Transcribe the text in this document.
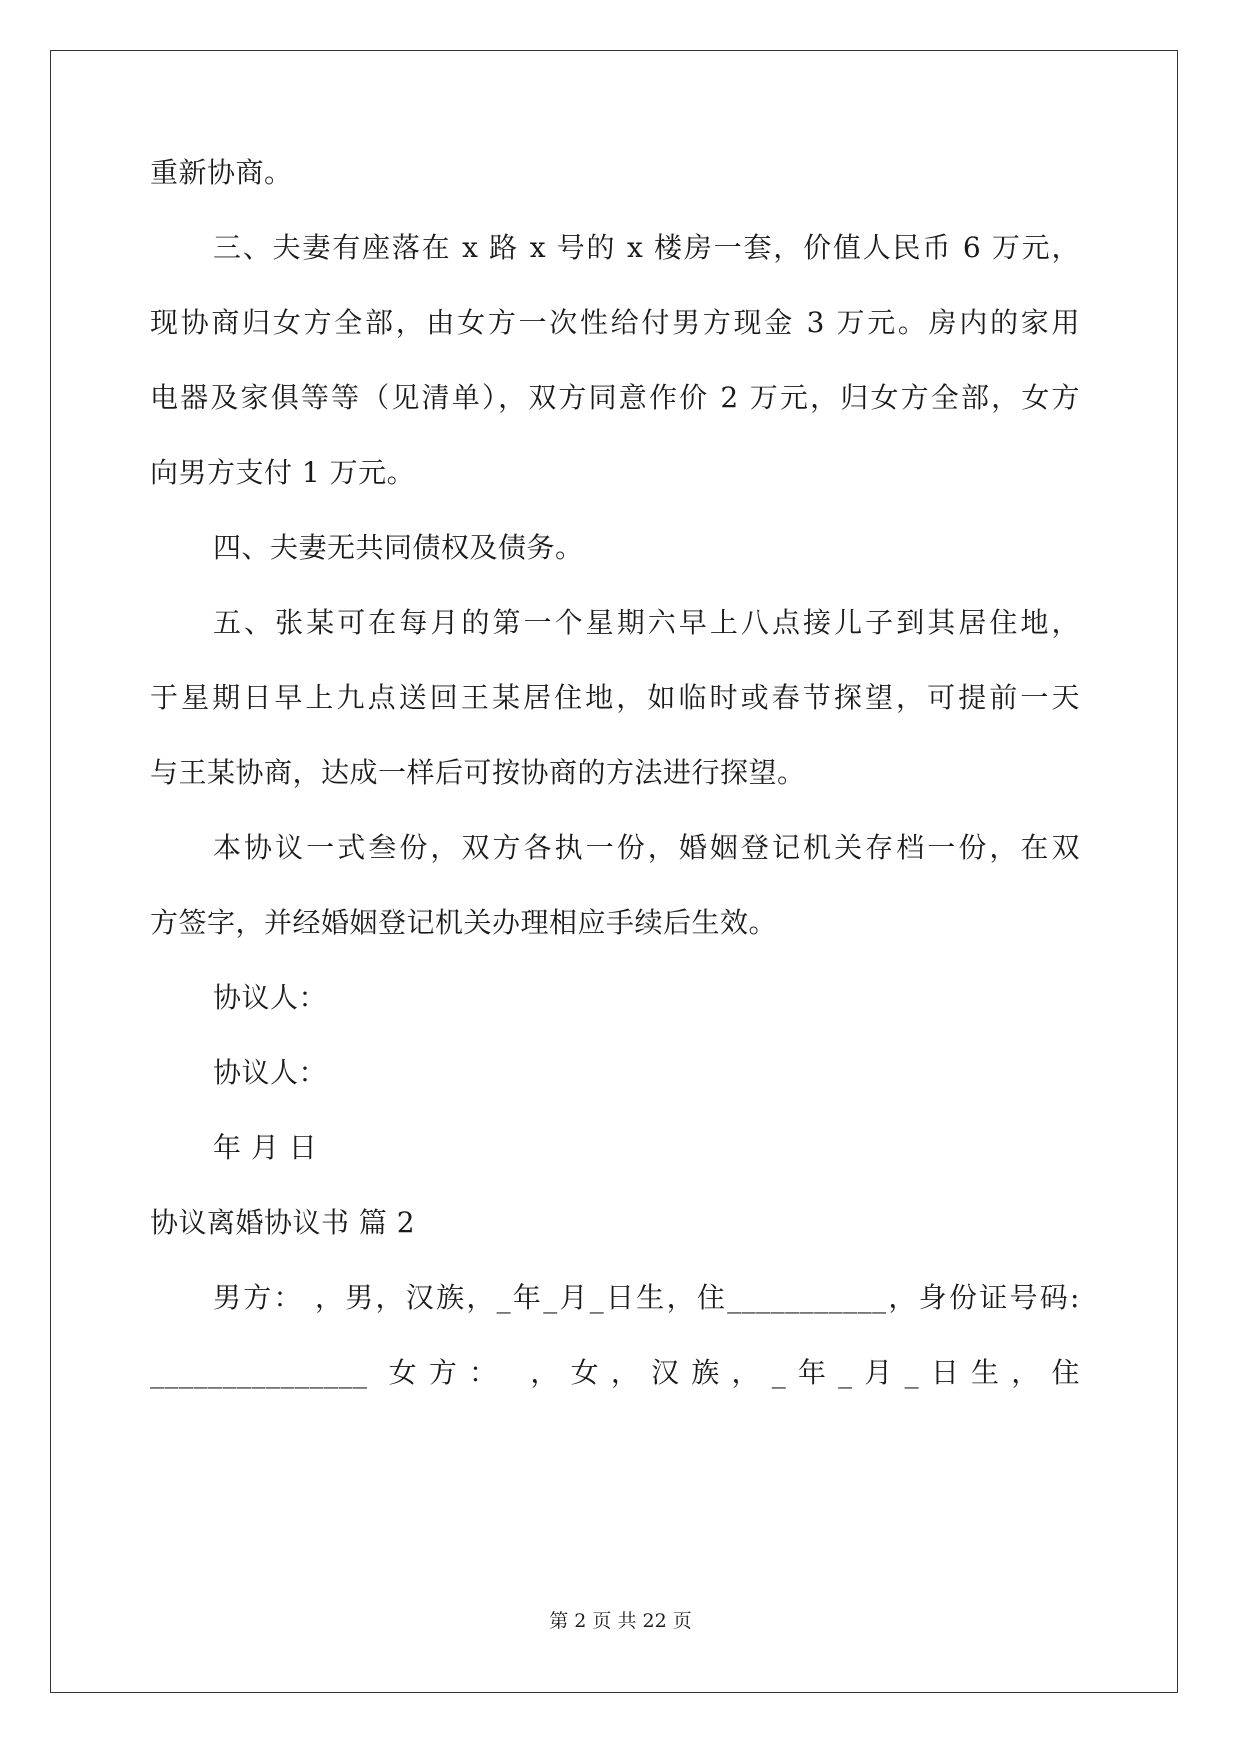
重新协商。
三、夫妻有座落在 x 路 x 号的 x 楼房一套，价值人民币 6 万元，
现协商归女方全部，由女方一次性给付男方现金 3 万元。房内的家用
电器及家俱等等（见清单），双方同意作价 2 万元，归女方全部，女方
向男方支付 1 万元。
四、夫妻无共同债权及债务。
五、张某可在每月的第一个星期六早上八点接儿子到其居住地，
于星期日早上九点送回王某居住地，如临时或春节探望，可提前一天
与王某协商，达成一样后可按协商的方法进行探望。
本协议一式叁份，双方各执一份，婚姻登记机关存档一份，在双
方签字，并经婚姻登记机关办理相应手续后生效。
协议人：
协议人：
年 月 日
协议离婚协议书 篇 2
男方： ，男，汉族，_年_月_日生，住___________，身份证号码:
_______________ 女方： ，女，汉族，_年_月_日生，住
第 2 页 共 22 页
